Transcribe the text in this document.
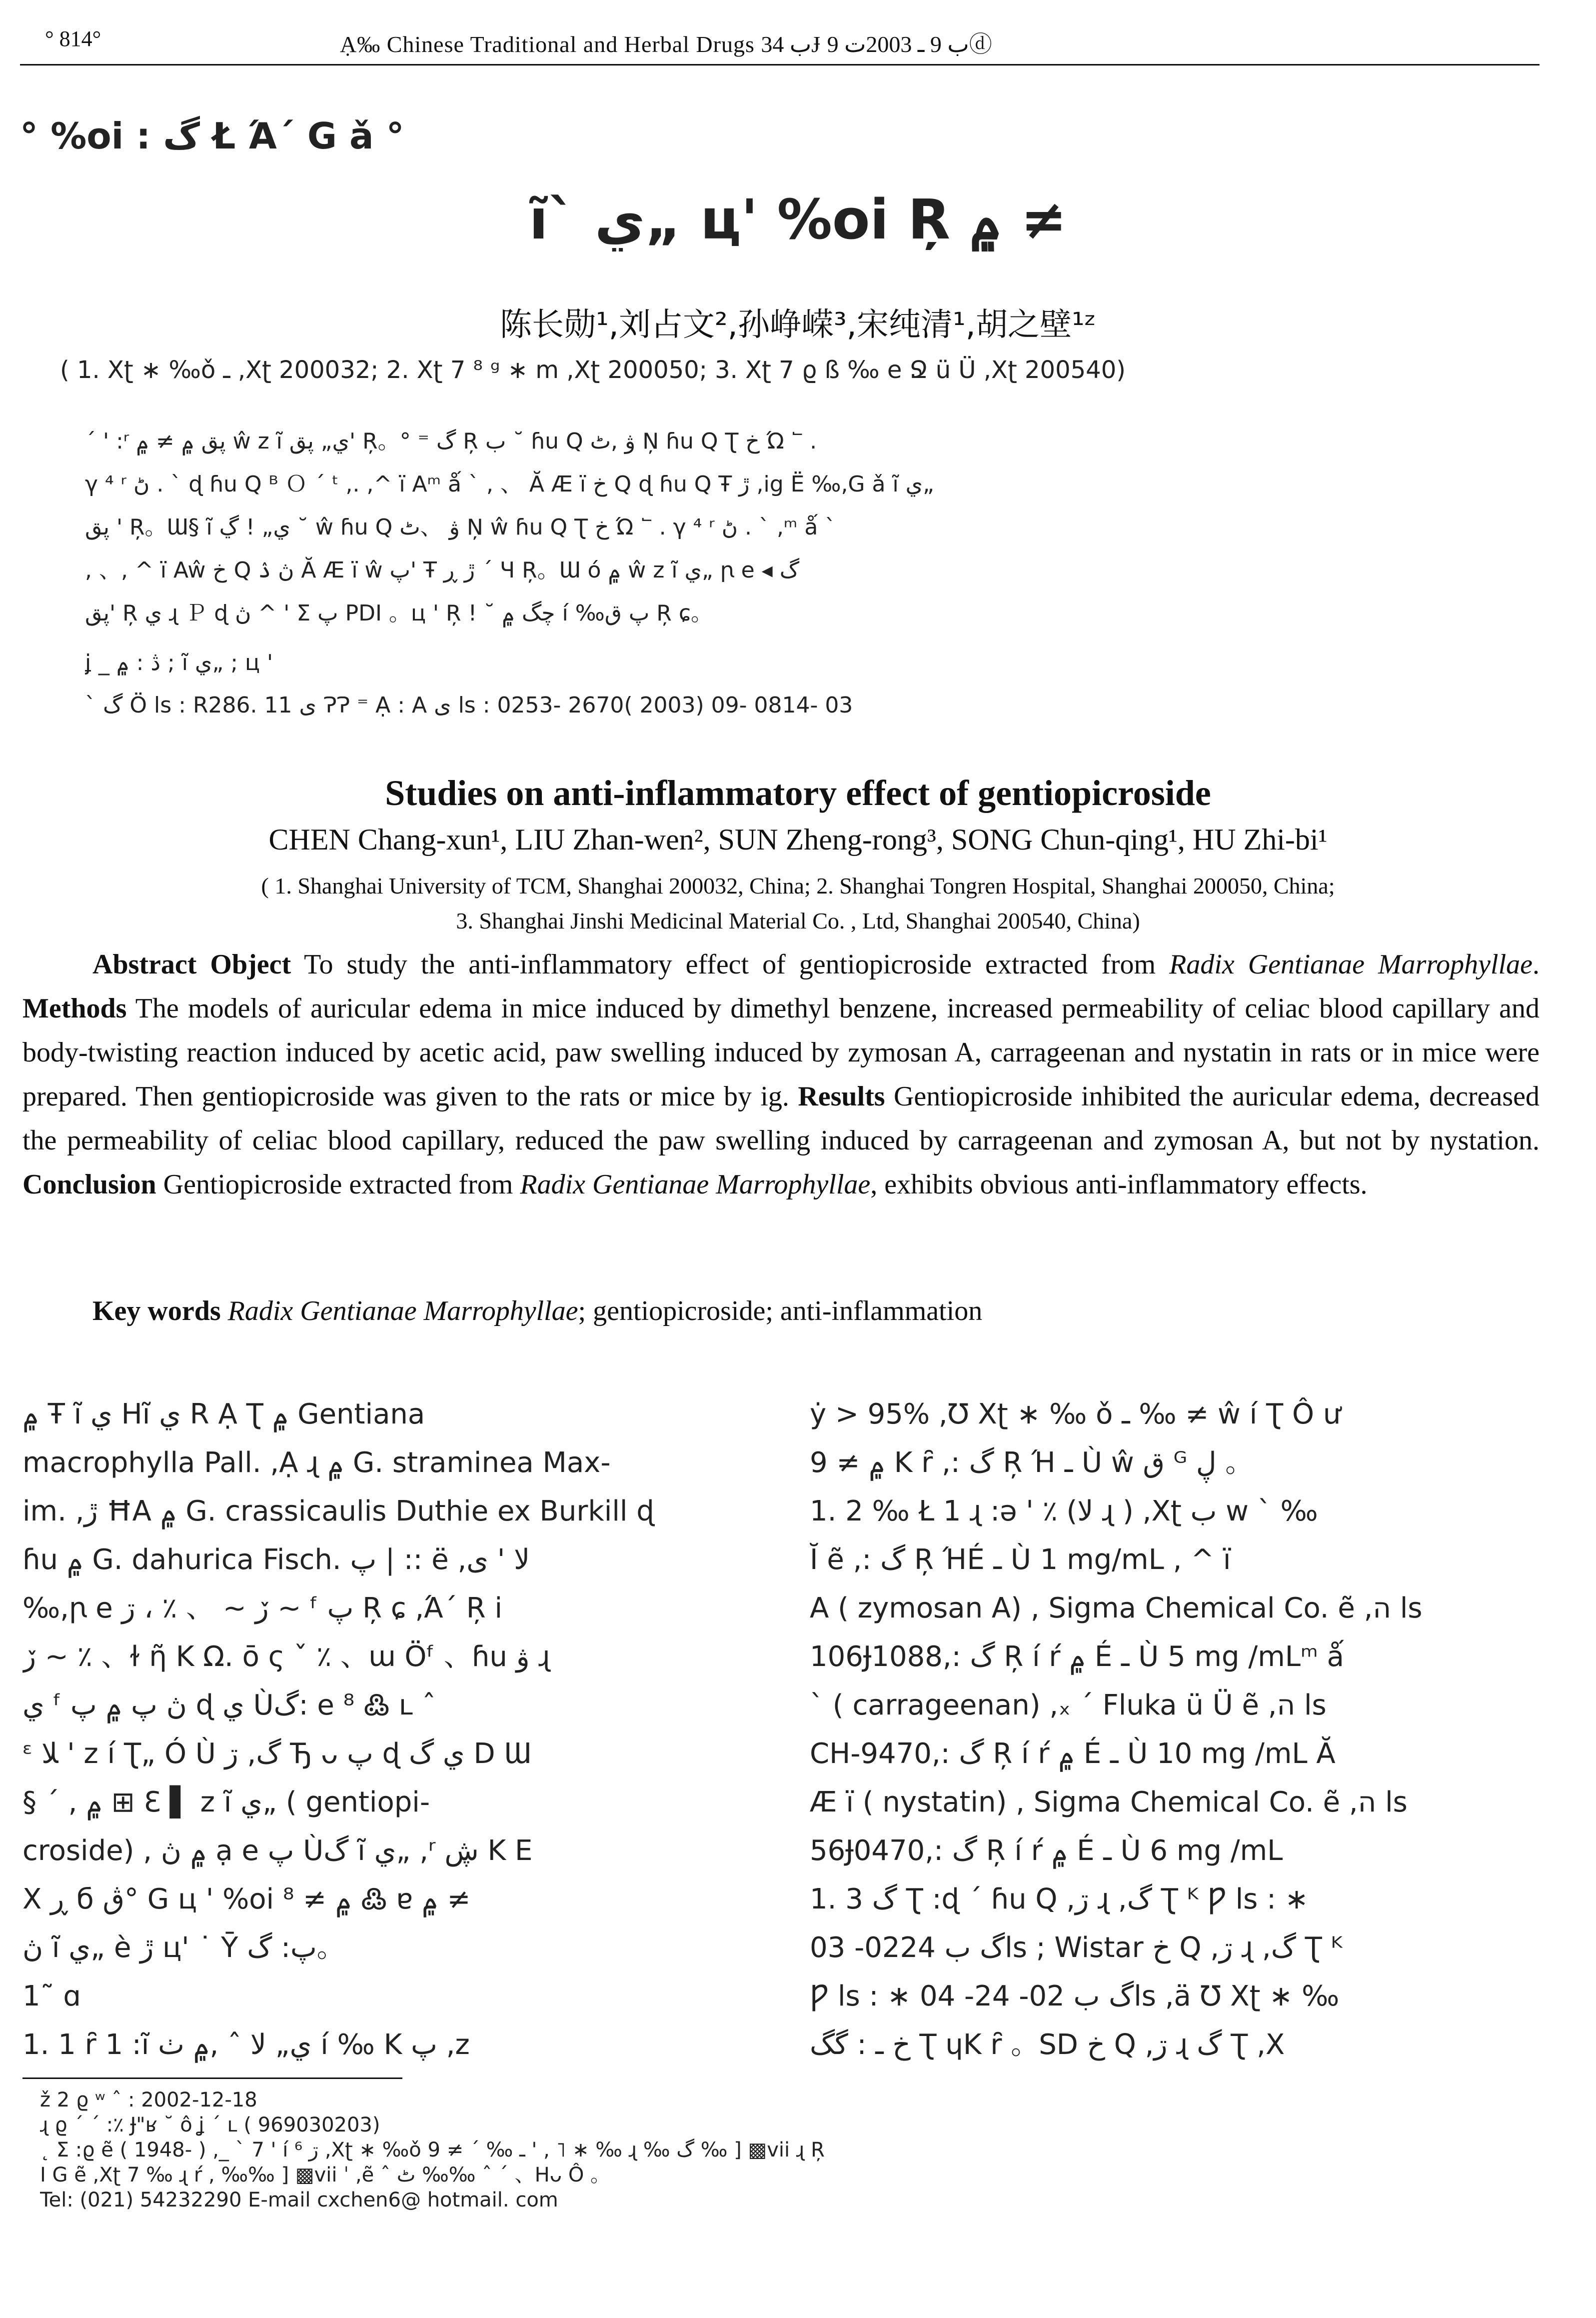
° 814°	Ạ‰ Chinese Traditional and Herbal Drugs ب 34Ɉ ب 9 ـ 2003ت 9ⓓ
° %oi : گ Ł Ά´ G ǎ °
ĩ` ي„ ц' %oi Ŗ ۾ ≠
陈长勋¹,刘占文²,孙峥嵘³,宋纯清¹,胡之壁¹ᶻ
( 1. Xʈ ∗ ‰ǒ ـ ,Xʈ 200032; 2. Xʈ 7 ⁸ ᵍ ∗ m ,Xʈ 200050; 3. Xʈ 7 ϱ ß ‰ e Ջ ü Ü ,Xʈ 200540)
´ ' :ʳ پق ۾ ≠ ۾ ŵ z ĩ ي„ پق' Ŗ。° ⁼ گ Ŗ ب ˘ ɦu Q ۋ ,ٹ Ņ ɦu Q Ʈ خ Ώ ՟ .
γ ⁴ ʳ ڻ . ` ɖ ɦu Q ᴮ Ｏ ˊ ᵗ ,. ,^ ï Aᵐ ǻ ` , 、 Ă Æ ï خ Q ɖ ɦu Q Ŧ ڙ ,ig Ë ‰,G ǎ ĩ ي„
پق ' Ŗ。Ɯ§ ĩ ي„ ! ڲ ˘ ŵ ɦu Q ۋ 、ٹ Ņ ŵ ɦu Q Ʈ خ Ώ ՟ . γ ⁴ ʳ ڻ . ` ,ᵐ ǻ `
, 、, ^ ï Aŵ خ Q ڽ ۮ Ă Æ ï ŵ پ' Ŧ ڙ ڕ ´ Ч Ŗ。Ɯ ó ۾ ŵ z ĩ ي„ ꞃ e ◂ گ
پق' Ŗ ي ɻ Ｐ ɖ ڽ ^ ' Ʃ پ PDI 。ц ' Ŗ ! ˘ چگ ۾ í ‰پ ق Ŗ ɕ。
ʝ _ ڎ : ۾ ; ĩ ي„ ; ц '
ˋ گ Ö ls : R286. 11 ى ɁɁ ⁼ Ạ : A ى ls : 0253- 2670( 2003) 09- 0814- 03
Studies on anti-inflammatory effect of gentiopicroside
CHEN Chang-xun¹, LIU Zhan-wen², SUN Zheng-rong³, SONG Chun-qing¹, HU Zhi-bi¹
( 1. Shanghai University of TCM, Shanghai 200032, China; 2. Shanghai Tongren Hospital, Shanghai 200050, China;
3. Shanghai Jinshi Medicinal Material Co. , Ltd, Shanghai 200540, China)
Abstract Object To study the anti-inflammatory effect of gentiopicroside extracted from Radix Gentianae Marrophyllae. Methods The models of auricular edema in mice induced by dimethyl benzene, increased permeability of celiac blood capillary and body-twisting reaction induced by acetic acid, paw swelling induced by zymosan A, carrageenan and nystatin in rats or in mice were prepared. Then gentiopicroside was given to the rats or mice by ig. Results Gentiopicroside inhibited the auricular edema, decreased the permeability of celiac blood capillary, reduced the paw swelling induced by carrageenan and zymosan A, but not by nystation. Conclusion Gentiopicroside extracted from Radix Gentianae Marrophyllae, exhibits obvious anti-inflammatory effects.
Key words Radix Gentianae Marrophyllae; gentiopicroside; anti-inflammation
۾ Ŧ ĩ ي Hĩ ي R Ạ Ʈ ۾ Gentiana
macrophylla Pall. ,Ạ ɻ ۾ G. straminea Max-
im. ,ڙ ĦA ۾ G. crassicaulis Duthie ex Burkill ɖ
ɦu ۾ G. dahurica Fisch. پ | :: ë ,ﻻ ' ﻯ
‰,ꞃ e ڒ ~ 、 ٪ ، ڗ ~ ᶠ پ Ŗ ɕ ,Ά´ Ŗ i
ڒ ~ ٪ 、ɫ ῆ K Ω. ō ς ˇ ٪ 、ɯ Öᶠ 、ɦu ۋ ɻ
ي ᶠ ڽ پ ۾ پ ɖ ي Ùگ: e ⁸ ߷ ʟ ˆ
ᵋ ﻼ ' z í Ʈ„ Ó Ù گ, ڗ Ђ ᴗ پ ɖ ي گ D Ɯ
§ ´ , ۾ ⊞ Ɛ ▌ z ĩ ي„ ( gentiopi-
croside) , ۾ ڽ ạ e پ Ùگ ĩ ي„ ,ʳ ڜ K E
Χ ڕ б ڨ° G ц ' %oi ۾ ≠ ⁸ ߷ ɐ ۾ ≠
ڽ ĩ ي„ è ڙ ц' ˙ Ῡ پ: گ。
1˜ ɑ
1. 1 ȓ 1 :ĩ ي„ ﻻ ˆ ,۾ ٺ í ‰ K پ ,z
ẏ > 95% ,Ʊ Xʈ ∗ ‰ ǒ ـ ‰ ≠ ŵ í Ʈ Ô ư
۾ ≠ 9 K ȓ ,: گ Ŗ Ή ـ Ù ŵ ق ᴳ ڸ 。
1. 2 ‰ Ł 1 ɻ :ə ' ٪ (ﻻ ɻ ) ,Xʈ ب w ˋ ‰
Ĭ ẽ ,: گ Ŗ ΉÉ ـ Ù 1 mg/mL , ^ ï
A ( zymosan A) , Sigma Chemical Co. ẽ ,ה ls
106Ɉ1088,: گ Ŗ í ŕ ۾ É ـ Ù 5 mg /mLᵐ ǻ
` ( carrageenan) ,ₓ ´ Fluka ü Ü ẽ ,ה ls
CH-9470,: گ Ŗ í ŕ ۾ É ـ Ù 10 mg /mL Ă
Æ ï ( nystatin) , Sigma Chemical Co. ẽ ,ה ls
56Ɉ0470,: گ Ŗ í ŕ ۾ É ـ Ù 6 mg /mL
1. 3 گ Ʈ :ɖ ´ ɦu Q ,ڗ ɻ ,گ Ʈ ᴷ Ƿ ls : ∗
گ ب 0224- 03ls ; Wistar خ Q ,ڗ ɻ ,گ Ʈ ᴷ
Ƿ ls : ∗ گ ب 02- 24- 04ls ,ä Ʊ Xʈ ∗ ‰
خ ـ : گگ Ʈ ɥK ȓ 。SD خ Q ,ڗ ɻ گ Ʈ ,X
ž 2 ϱ ʷ ˆ : 2002-12-18
ɻ ϱ ˊ ˊ :٪ Ɉ"ʁ ˘ ô ʝ ˊ ʟ ( 969030203)
˛ Ʃ :ϱ ẽ ( 1948- ) ,_ ˋ 7 ' í ڗ ⁶ ,Xʈ ∗ ‰ǒ ـ ‰ ´ ≠ 9 ' , ˥ ∗ ‰ ɻ ‰ گ ‰ ] ▩vii ɻ Ŗ
I G ẽ ,Xʈ 7 ‰ ɻ ŕ , ‰‰ ] ▩vii ˈ ,ẽ ˆ ٹ ‰‰ ˆ ´ 、Hᴗ Ô 。
Tel: (021) 54232290 E-mail cxchen6@ hotmail. com
